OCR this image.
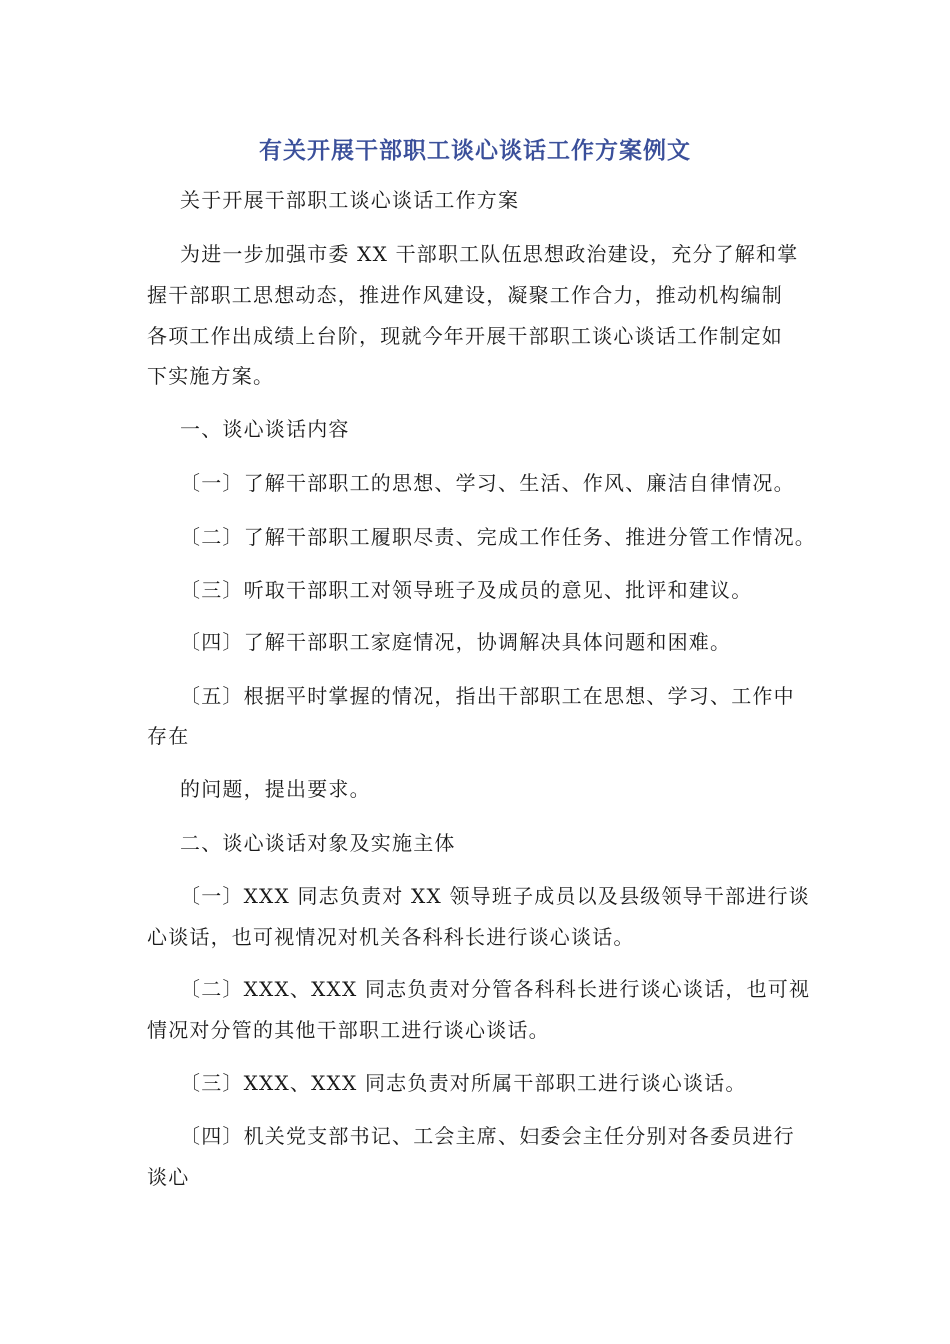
有关开展干部职工谈心谈话工作方案例文

关于开展干部职工谈心谈话工作方案

为进一步加强市委 XX 干部职工队伍思想政治建设，充分了解和掌

握干部职工思想动态，推进作风建设，凝聚工作合力，推动机构编制

各项工作出成绩上台阶，现就今年开展干部职工谈心谈话工作制定如

下实施方案。

一、谈心谈话内容

〔一〕了解干部职工的思想、学习、生活、作风、廉洁自律情况。

〔二〕了解干部职工履职尽责、完成工作任务、推进分管工作情况。

〔三〕听取干部职工对领导班子及成员的意见、批评和建议。

〔四〕了解干部职工家庭情况，协调解决具体问题和困难。

〔五〕根据平时掌握的情况，指出干部职工在思想、学习、工作中

存在

的问题，提出要求。

二、谈心谈话对象及实施主体

〔一〕XXX 同志负责对 XX 领导班子成员以及县级领导干部进行谈

心谈话，也可视情况对机关各科科长进行谈心谈话。

〔二〕XXX、XXX 同志负责对分管各科科长进行谈心谈话，也可视

情况对分管的其他干部职工进行谈心谈话。

〔三〕XXX、XXX 同志负责对所属干部职工进行谈心谈话。

〔四〕机关党支部书记、工会主席、妇委会主任分别对各委员进行

谈心
